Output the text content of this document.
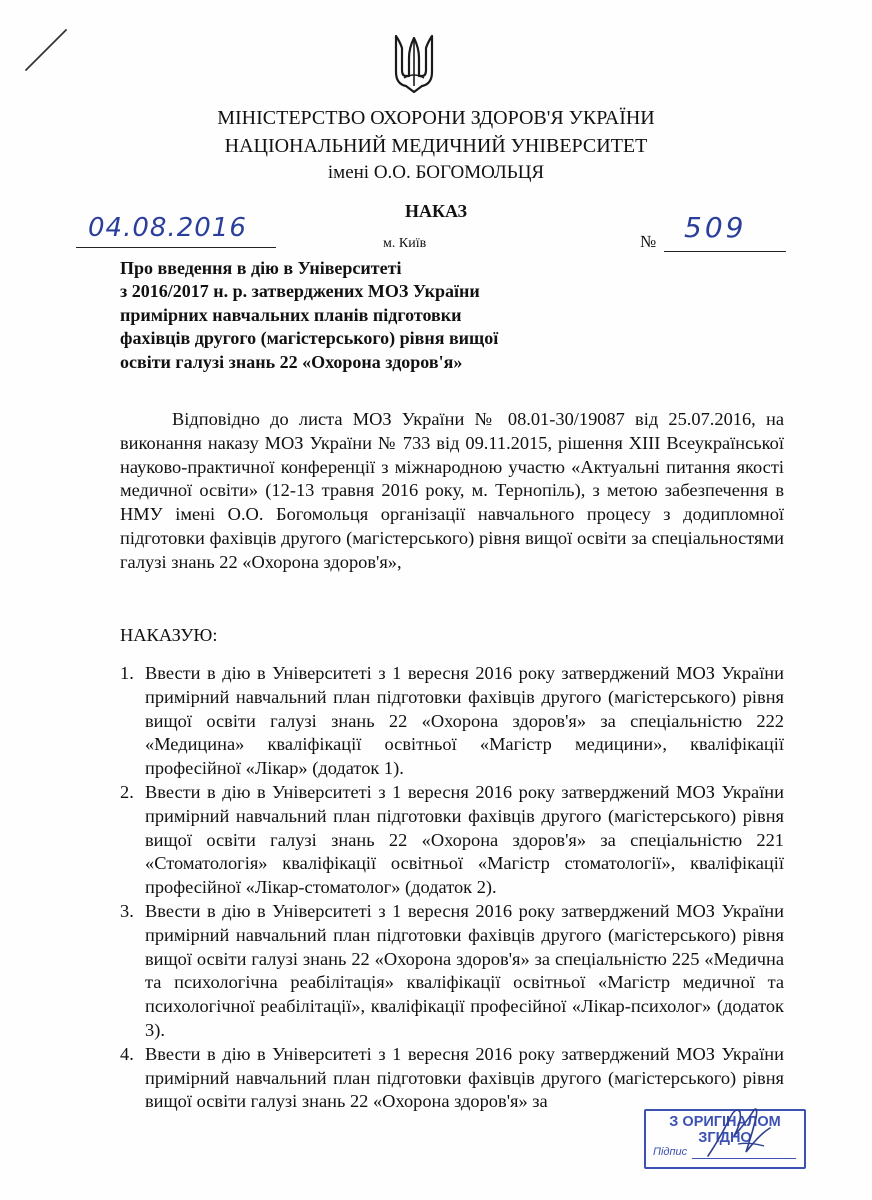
МІНІСТЕРСТВО ОХОРОНИ ЗДОРОВ'Я УКРАЇНИ
НАЦІОНАЛЬНИЙ МЕДИЧНИЙ УНІВЕРСИТЕТ
імені О.О. БОГОМОЛЬЦЯ
НАКАЗ
04.08.2016
м. Київ	№ 509
Про введення в дію в Університеті
з 2016/2017 н. р. затверджених МОЗ України
примірних навчальних планів підготовки
фахівців другого (магістерського) рівня вищої
освіти галузі знань 22 «Охорона здоров'я»

Відповідно до листа МОЗ України № 08.01-30/19087 від 25.07.2016, на виконання наказу МОЗ України № 733 від 09.11.2015, рішення ХІІІ Всеукраїнської науково-практичної конференції з міжнародною участю «Актуальні питання якості медичної освіти» (12-13 травня 2016 року, м. Тернопіль), з метою забезпечення в НМУ імені О.О. Богомольця організації навчального процесу з додипломної підготовки фахівців другого (магістерського) рівня вищої освіти за спеціальностями галузі знань 22 «Охорона здоров'я»,

НАКАЗУЮ:
1. Ввести в дію в Університеті з 1 вересня 2016 року затверджений МОЗ України примірний навчальний план підготовки фахівців другого (магістерського) рівня вищої освіти галузі знань 22 «Охорона здоров'я» за спеціальністю 222 «Медицина» кваліфікації освітньої «Магістр медицини», кваліфікації професійної «Лікар» (додаток 1).
2. Ввести в дію в Університеті з 1 вересня 2016 року затверджений МОЗ України примірний навчальний план підготовки фахівців другого (магістерського) рівня вищої освіти галузі знань 22 «Охорона здоров'я» за спеціальністю 221 «Стоматологія» кваліфікації освітньої «Магістр стоматології», кваліфікації професійної «Лікар-стоматолог» (додаток 2).
3. Ввести в дію в Університеті з 1 вересня 2016 року затверджений МОЗ України примірний навчальний план підготовки фахівців другого (магістерського) рівня вищої освіти галузі знань 22 «Охорона здоров'я» за спеціальністю 225 «Медична та психологічна реабілітація» кваліфікації освітньої «Магістр медичної та психологічної реабілітації», кваліфікації професійної «Лікар-психолог» (додаток 3).
4. Ввести в дію в Університеті з 1 вересня 2016 року затверджений МОЗ України примірний навчальний план підготовки фахівців другого (магістерського) рівня вищої освіти галузі знань 22 «Охорона здоров'я» за
З ОРИГІНАЛОМ ЗГІДНО
Підпис
